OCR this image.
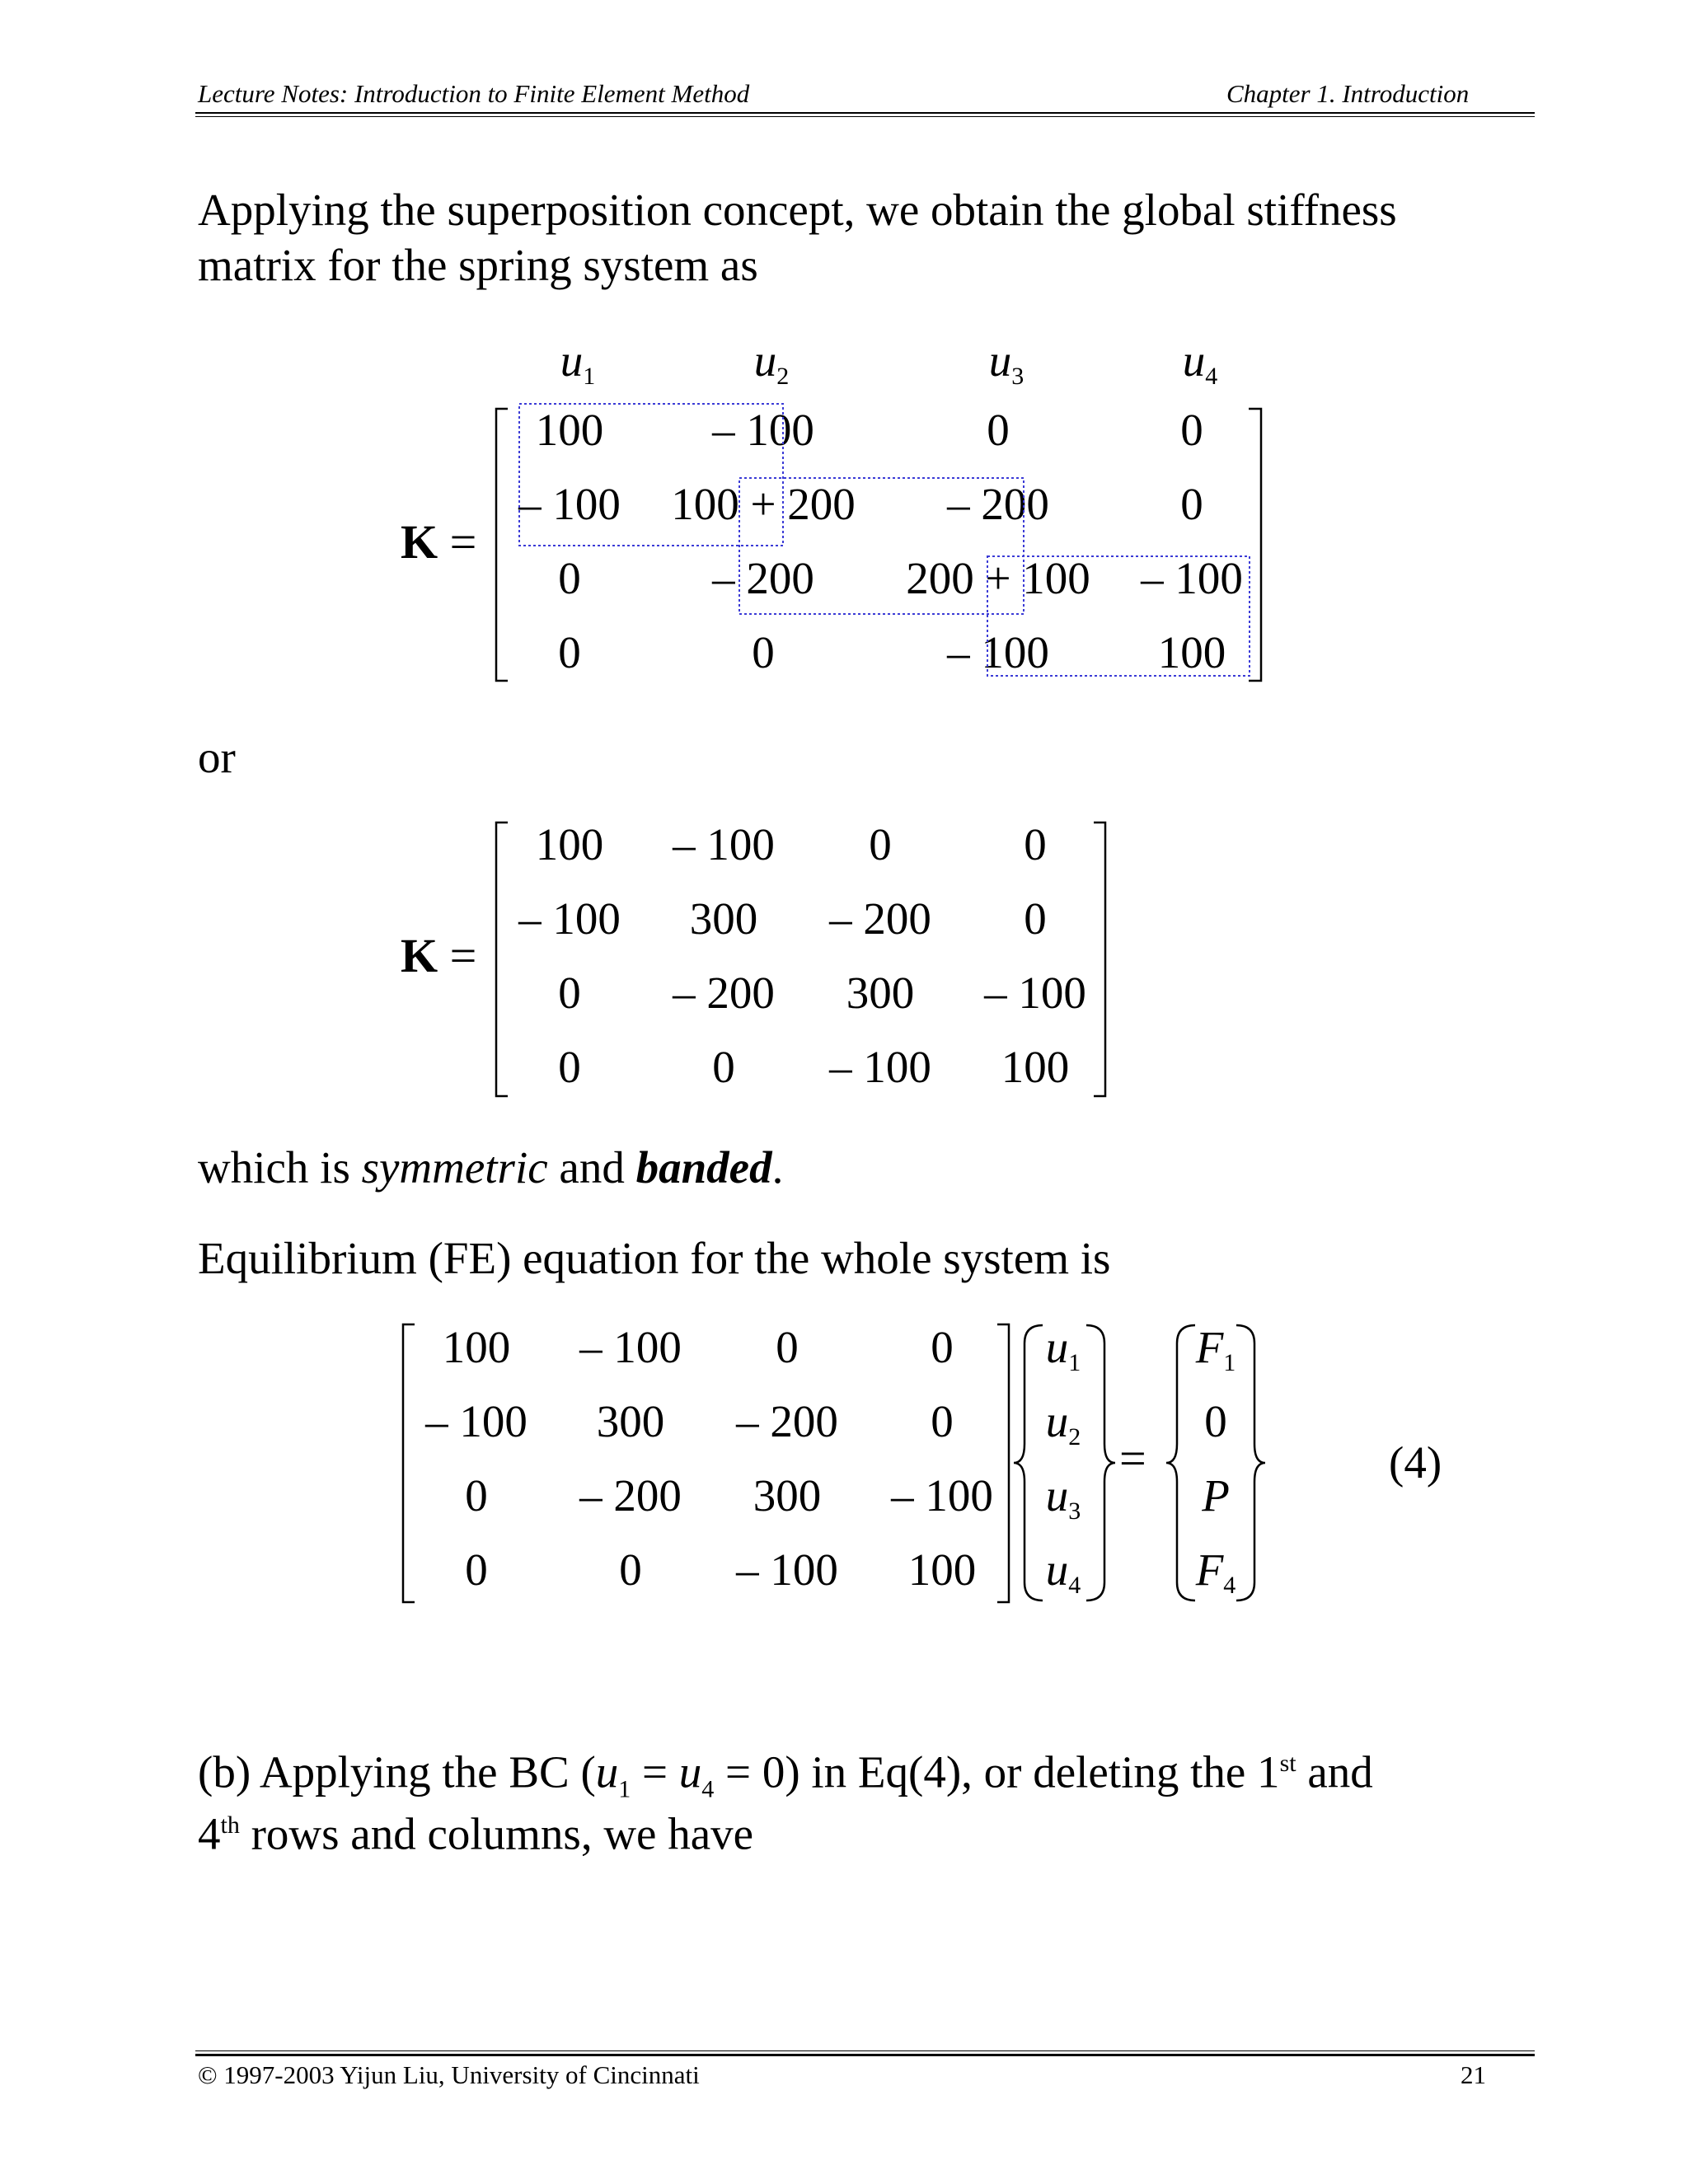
Lecture Notes: Introduction to Finite Element Method	Chapter 1. Introduction
Applying the superposition concept, we obtain the global stiffness
matrix for the spring system as
K =
$u_1$	$u_2$	$u_3$	$u_4$
100	– 100	0	0
– 100	100 + 200	– 200	0
0	– 200	200 + 100	– 100
0	0	– 100	100
or
K =
100	– 100	0	0
– 100	300	– 200	0
0	– 200	300	– 100
0	0	– 100	100
which is symmetric and banded.
Equilibrium (FE) equation for the whole system is
100	– 100	0	0
– 100	300	– 200	0
0	– 200	300	– 100
0	0	– 100	100
$u_1$
$u_2$
$u_3$
$u_4$
=
$F_1$
0
P
$F_4$
(4)
(b) Applying the BC $(u_1 = u_4 = 0)$ in Eq(4), or deleting the 1st and
4th rows and columns, we have
© 1997-2003 Yijun Liu, University of Cincinnati	21
